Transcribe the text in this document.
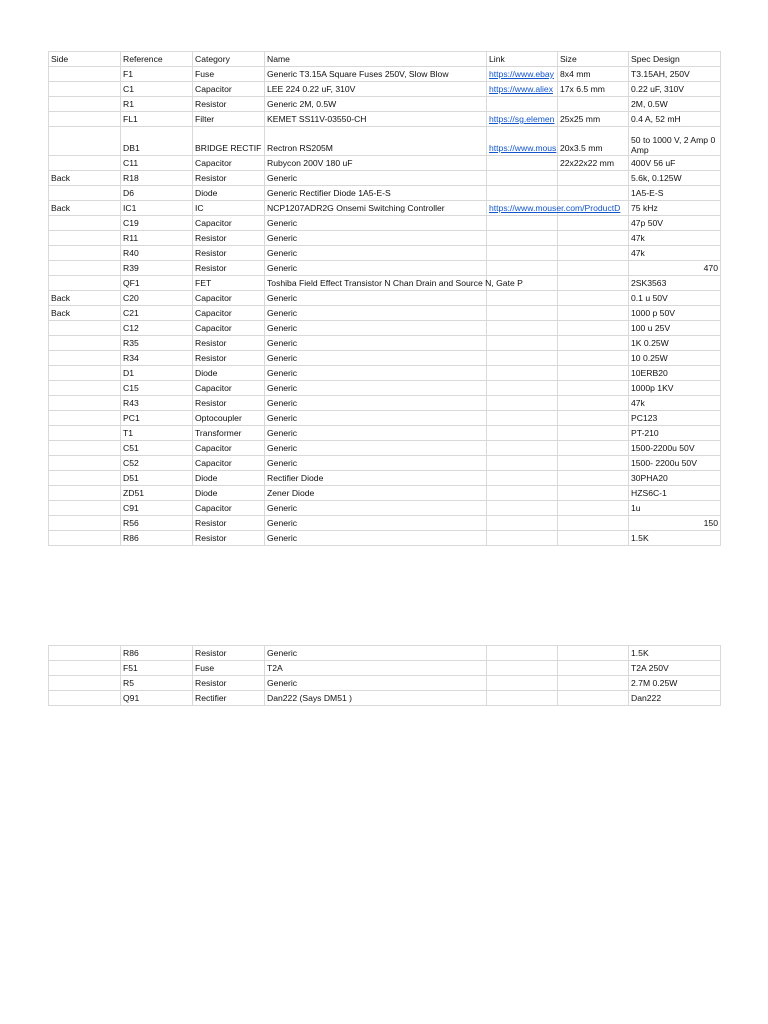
Side	Reference	Category	Name	Link	Size	Spec Design
	F1	Fuse	Generic T3.15A Square Fuses 250V, Slow Blow	https://www.ebay	8x4 mm	T3.15AH, 250V
	C1	Capacitor	LEE 224 0.22 uF, 310V	https://www.aliex	17x 6.5 mm	0.22 uF, 310V
	R1	Resistor	Generic 2M, 0.5W			2M, 0.5W
	FL1	Filter	KEMET SS11V-03550-CH	https://sg.elemen	25x25 mm	0.4 A, 52 mH
	DB1	BRIDGE RECTIF	Rectron RS205M	https://www.mous	20x3.5 mm	50 to 1000 V, 2 Amp 0 Amp
	C11	Capacitor	Rubycon 200V 180 uF		22x22x22 mm	400V 56 uF
Back	R18	Resistor	Generic			5.6k, 0.125W
	D6	Diode	Generic Rectifier Diode 1A5-E-S			1A5-E-S
Back	IC1	IC	NCP1207ADR2G Onsemi Switching Controller	https://www.mouser.com/ProductD		75 kHz
	C19	Capacitor	Generic			47p 50V
	R11	Resistor	Generic			47k
	R40	Resistor	Generic			47k
	R39	Resistor	Generic			470
	QF1	FET	Toshiba Field Effect Transistor N Chan Drain and Source N, Gate P			2SK3563
Back	C20	Capacitor	Generic			0.1 u 50V
Back	C21	Capacitor	Generic			1000 p 50V
	C12	Capacitor	Generic			100 u 25V
	R35	Resistor	Generic			1K 0.25W
	R34	Resistor	Generic			10 0.25W
	D1	Diode	Generic			10ERB20
	C15	Capacitor	Generic			1000p 1KV
	R43	Resistor	Generic			47k
	PC1	Optocoupler	Generic			PC123
	T1	Transformer	Generic			PT-210
	C51	Capacitor	Generic			1500-2200u 50V
	C52	Capacitor	Generic			1500- 2200u 50V
	D51	Diode	Rectifier Diode			30PHA20
	ZD51	Diode	Zener Diode			HZS6C-1
	C91	Capacitor	Generic			1u
	R56	Resistor	Generic			150
	R86	Resistor	Generic			1.5K
	R86	Resistor	Generic			1.5K
	F51	Fuse	T2A			T2A 250V
	R5	Resistor	Generic			2.7M 0.25W
	Q91	Rectifier	Dan222 (Says DM51 )			Dan222
